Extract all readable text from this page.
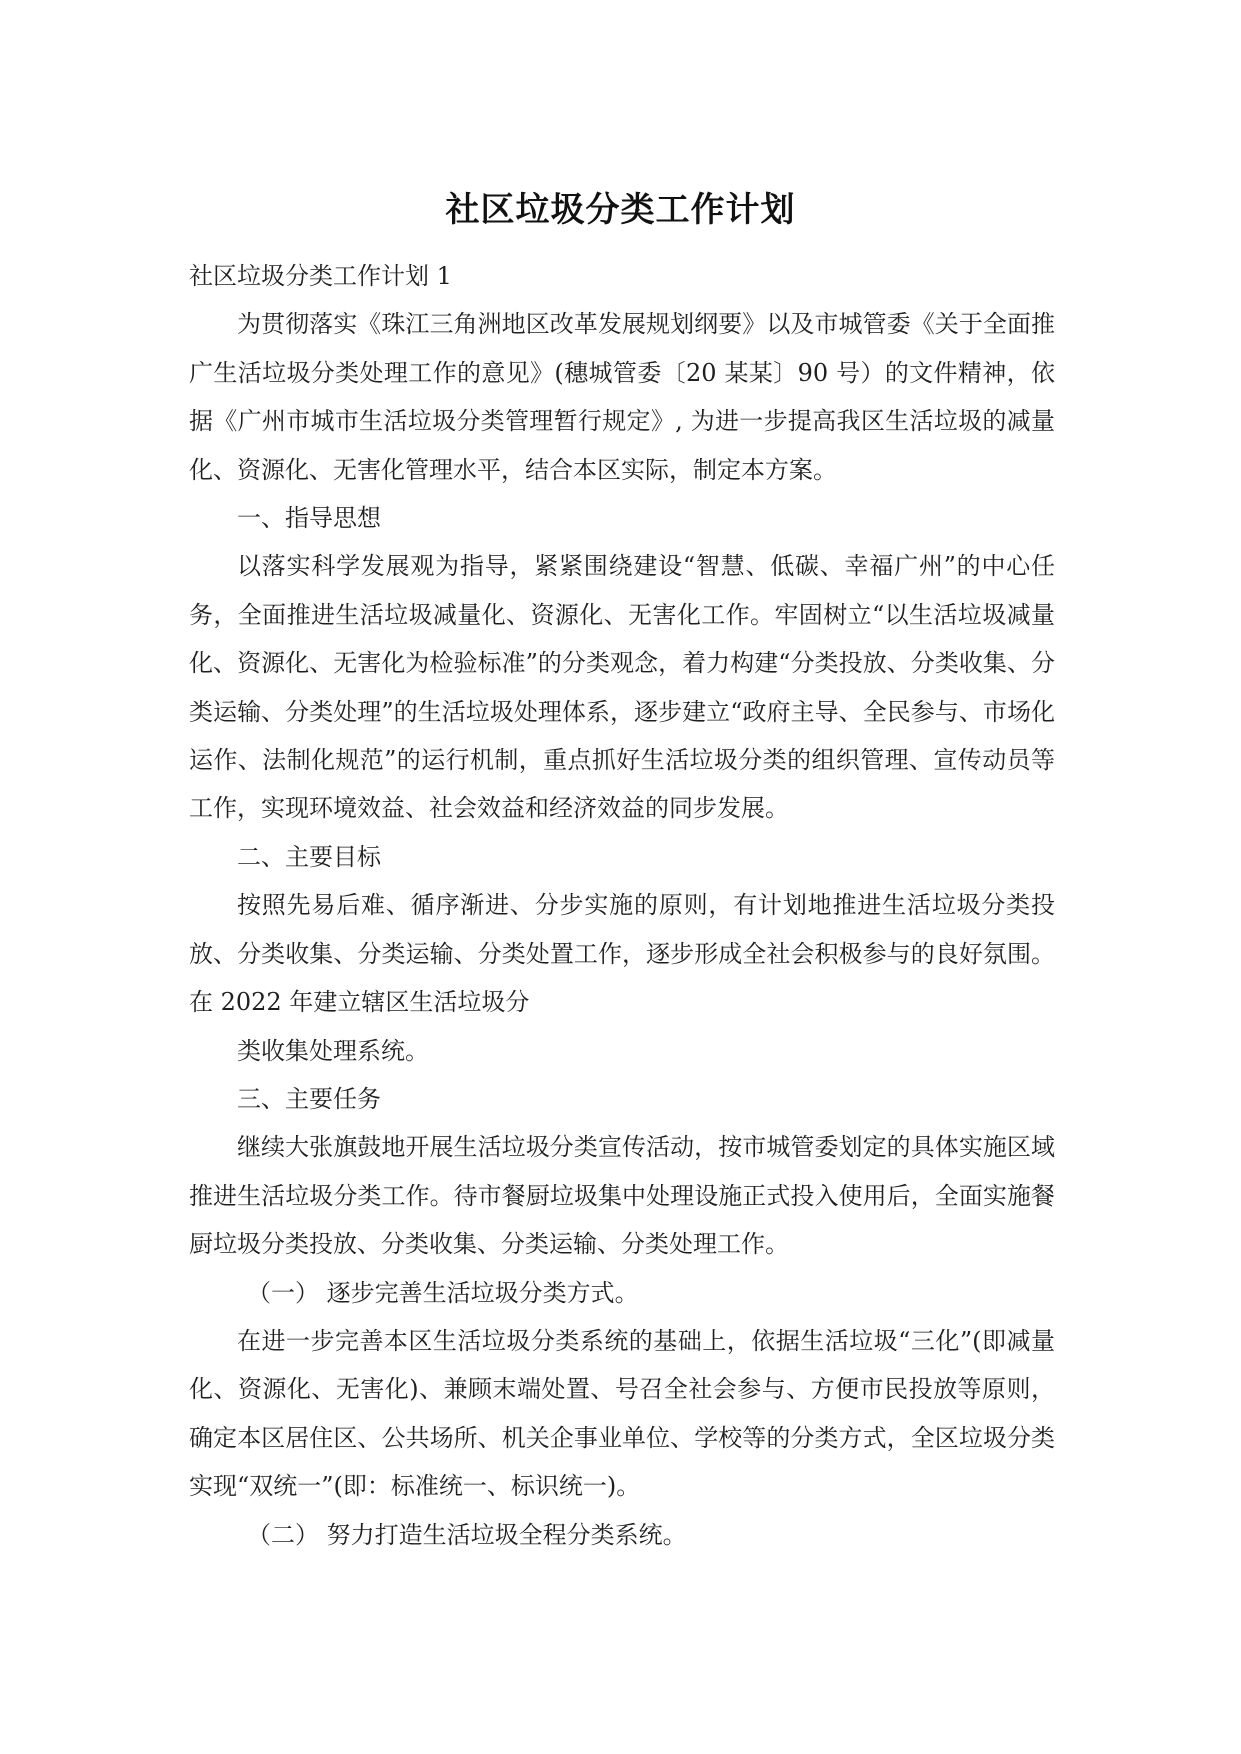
社区垃圾分类工作计划

社区垃圾分类工作计划 1

为贯彻落实《珠江三角洲地区改革发展规划纲要》以及市城管委《关于全面推广生活垃圾分类处理工作的意见》(穗城管委〔20 某某〕90 号）的文件精神，依据《广州市城市生活垃圾分类管理暂行规定》, 为进一步提高我区生活垃圾的减量化、资源化、无害化管理水平，结合本区实际，制定本方案。

一、指导思想

以落实科学发展观为指导，紧紧围绕建设“智慧、低碳、幸福广州”的中心任务，全面推进生活垃圾减量化、资源化、无害化工作。牢固树立“以生活垃圾减量化、资源化、无害化为检验标准”的分类观念，着力构建“分类投放、分类收集、分类运输、分类处理”的生活垃圾处理体系，逐步建立“政府主导、全民参与、市场化运作、法制化规范”的运行机制，重点抓好生活垃圾分类的组织管理、宣传动员等工作，实现环境效益、社会效益和经济效益的同步发展。

二、主要目标

按照先易后难、循序渐进、分步实施的原则，有计划地推进生活垃圾分类投放、分类收集、分类运输、分类处置工作，逐步形成全社会积极参与的良好氛围。在 2022 年建立辖区生活垃圾分

类收集处理系统。

三、主要任务

继续大张旗鼓地开展生活垃圾分类宣传活动，按市城管委划定的具体实施区域推进生活垃圾分类工作。待市餐厨垃圾集中处理设施正式投入使用后，全面实施餐厨垃圾分类投放、分类收集、分类运输、分类处理工作。

（一） 逐步完善生活垃圾分类方式。

在进一步完善本区生活垃圾分类系统的基础上，依据生活垃圾“三化”(即减量化、资源化、无害化)、兼顾末端处置、号召全社会参与、方便市民投放等原则，确定本区居住区、公共场所、机关企事业单位、学校等的分类方式，全区垃圾分类实现“双统一”(即：标准统一、标识统一)。

（二） 努力打造生活垃圾全程分类系统。
